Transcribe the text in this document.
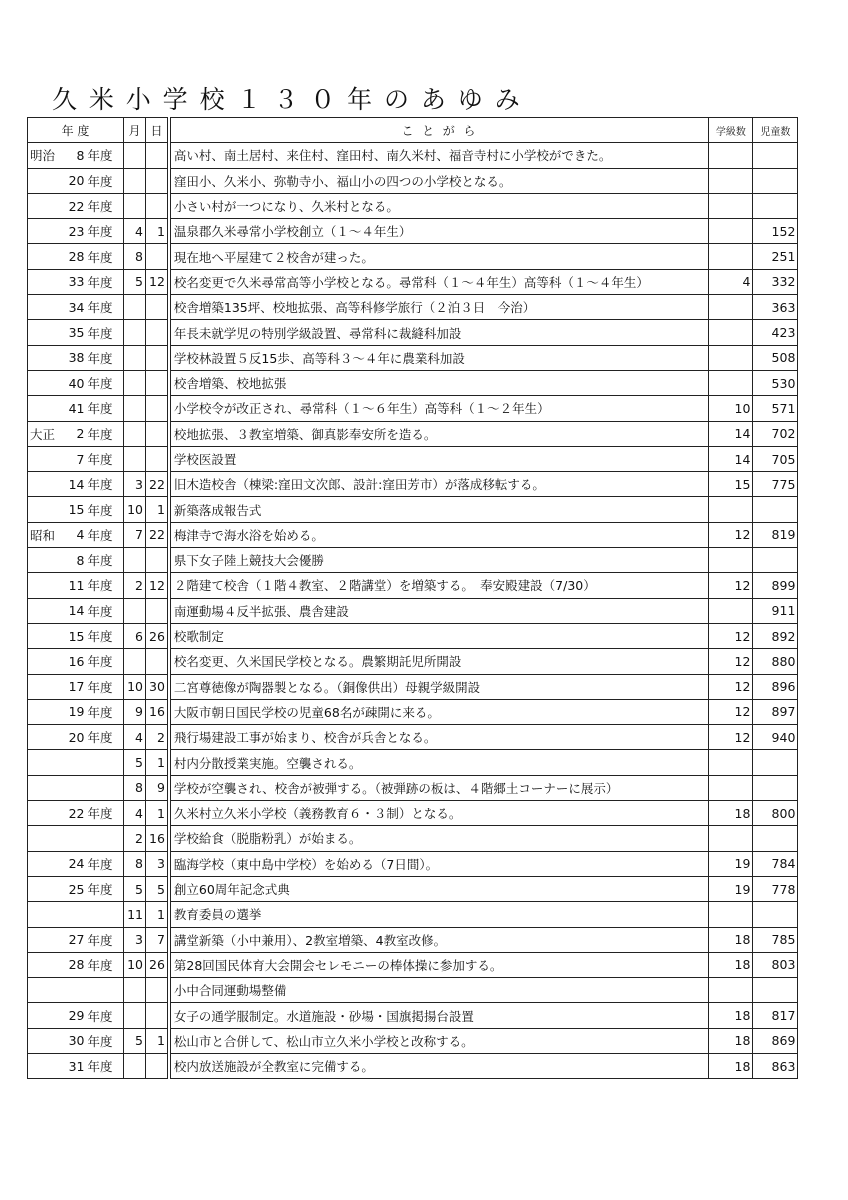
久 米 小 学 校 １ ３ ０ 年 の あ ゆ み
年 度			月	日	こ と が ら	学級数	児童数
明治	8	年度			高い村、南土居村、来住村、窪田村、南久米村、福音寺村に小学校ができた。		
	20	年度			窪田小、久米小、弥勒寺小、福山小の四つの小学校となる。		
	22	年度			小さい村が一つになり、久米村となる。		
	23	年度	4	1	温泉郡久米尋常小学校創立（１～４年生）		152
	28	年度	8		現在地へ平屋建て２校舎が建った。		251
	33	年度	5	12	校名変更で久米尋常高等小学校となる。尋常科（１～４年生）高等科（１～４年生）	4	332
	34	年度			校舎増築135坪、校地拡張、高等科修学旅行（２泊３日　今治）		363
	35	年度			年長未就学児の特別学級設置、尋常科に裁縫科加設		423
	38	年度			学校林設置５反15歩、高等科３～４年に農業科加設		508
	40	年度			校舎増築、校地拡張		530
	41	年度			小学校令が改正され、尋常科（１～６年生）高等科（１～２年生）	10	571
大正	2	年度			校地拡張、３教室増築、御真影奉安所を造る。	14	702
	7	年度			学校医設置	14	705
	14	年度	3	22	旧木造校舎（棟梁:窪田文次郎、設計:窪田芳市）が落成移転する。	15	775
	15	年度	10	1	新築落成報告式		
昭和	4	年度	7	22	梅津寺で海水浴を始める。	12	819
	8	年度			県下女子陸上競技大会優勝		
	11	年度	2	12	２階建て校舎（１階４教室、２階講堂）を増築する。　奉安殿建設（7/30）	12	899
	14	年度			南運動場４反半拡張、農舎建設		911
	15	年度	6	26	校歌制定	12	892
	16	年度			校名変更、久米国民学校となる。農繁期託児所開設	12	880
	17	年度	10	30	二宮尊徳像が陶器製となる。（銅像供出）母親学級開設	12	896
	19	年度	9	16	大阪市朝日国民学校の児童68名が疎開に来る。	12	897
	20	年度	4	2	飛行場建設工事が始まり、校舎が兵舎となる。	12	940
			5	1	村内分散授業実施。空襲される。		
			8	9	学校が空襲され、校舎が被弾する。（被弾跡の板は、４階郷土コーナーに展示）		
	22	年度	4	1	久米村立久米小学校（義務教育６・３制）となる。	18	800
			2	16	学校給食（脱脂粉乳）が始まる。		
	24	年度	8	3	臨海学校（東中島中学校）を始める（7日間）。	19	784
	25	年度	5	5	創立60周年記念式典	19	778
			11	1	教育委員の選挙		
	27	年度	3	7	講堂新築（小中兼用）、2教室増築、4教室改修。	18	785
	28	年度	10	26	第28回国民体育大会開会セレモニーの棒体操に参加する。	18	803
					小中合同運動場整備		
	29	年度			女子の通学服制定。水道施設・砂場・国旗掲揚台設置	18	817
	30	年度	5	1	松山市と合併して、松山市立久米小学校と改称する。	18	869
	31	年度			校内放送施設が全教室に完備する。	18	863
